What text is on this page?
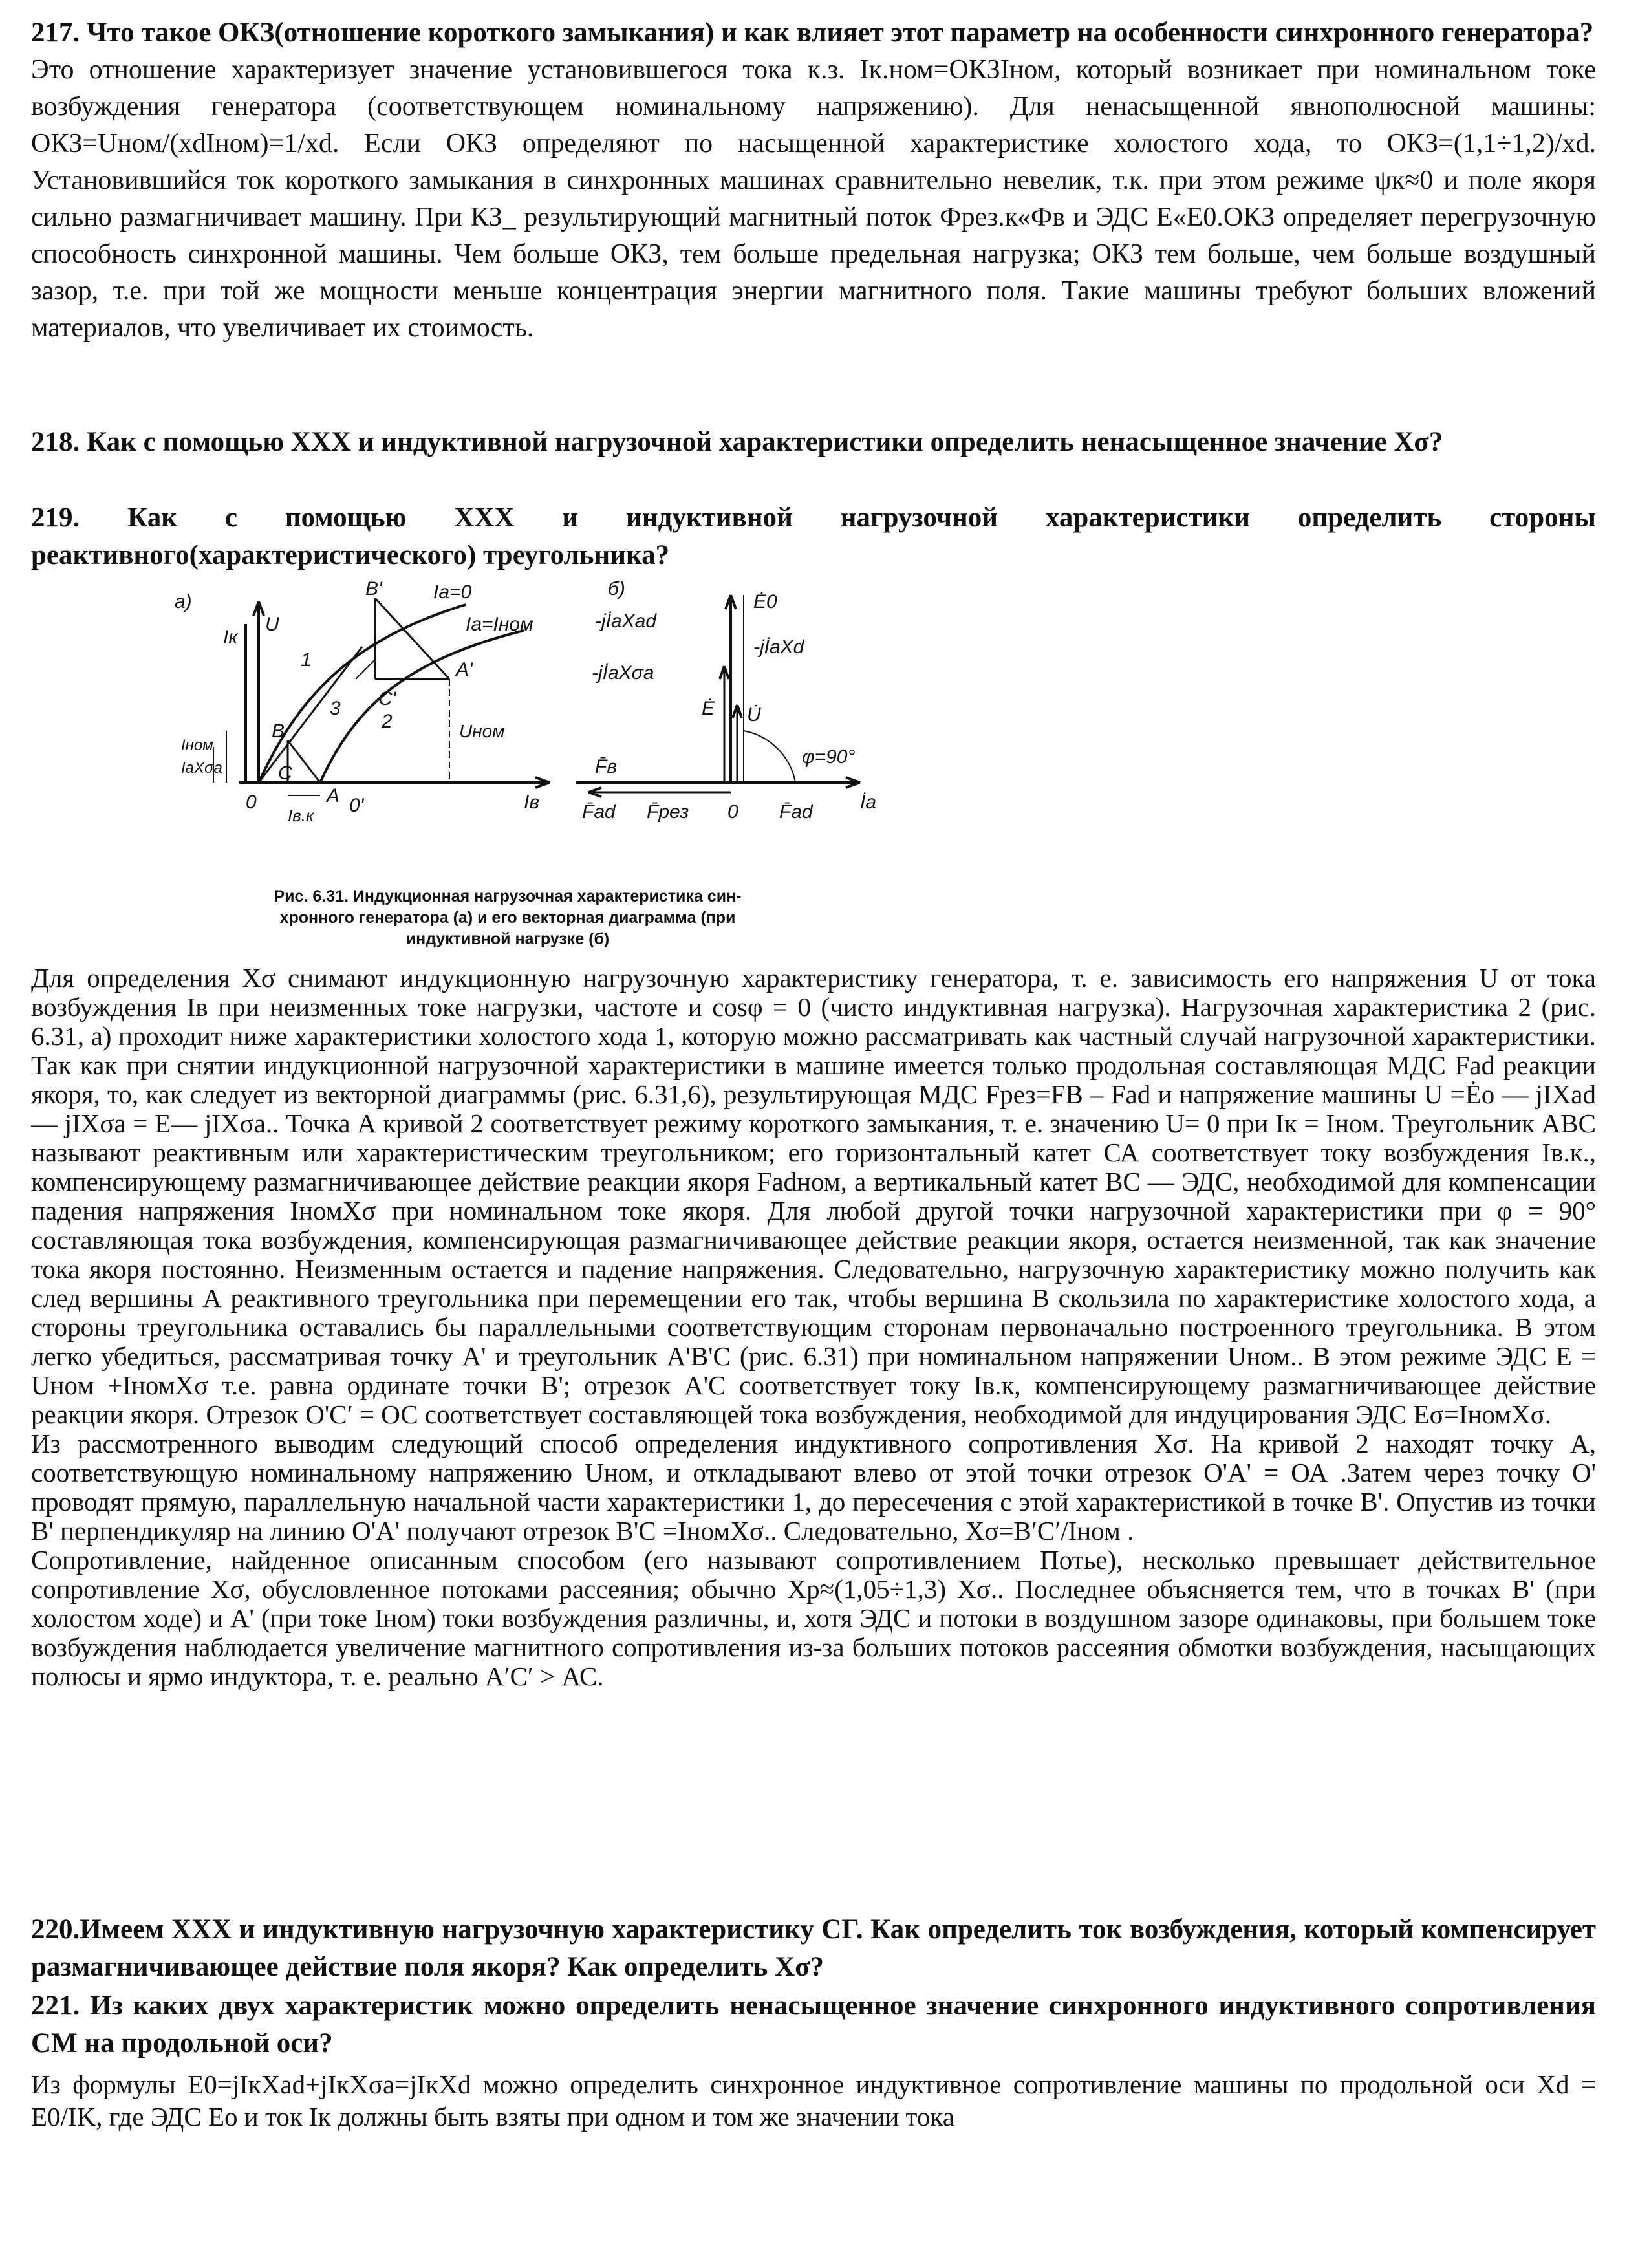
217. Что такое ОКЗ(отношение короткого замыкания) и как влияет этот параметр на особенности синхронного генератора?
Это отношение характеризует значение установившегося тока к.з. Iк.ном=ОКЗIном, который возникает при номинальном токе возбуждения генератора (соответствующем номинальному напряжению). Для ненасыщенной явнополюсной машины: ОКЗ=Uном/(xdIном)=1/xd. Если ОКЗ определяют по насыщенной характеристике холостого хода, то ОКЗ=(1,1÷1,2)/xd. Установившийся ток короткого замыкания в синхронных машинах сравнительно невелик, т.к. при этом режиме ψк≈0 и поле якоря сильно размагничивает машину. При КЗ_ результирующий магнитный поток Фрез.к«Фв и ЭДС Е«Е0.ОКЗ определяет перегрузочную способность синхронной машины. Чем больше ОКЗ, тем больше предельная нагрузка; ОКЗ тем больше, чем больше воздушный зазор, т.е. при той же мощности меньше концентрация энергии магнитного поля. Такие машины требуют больших вложений материалов, что увеличивает их стоимость.
218. Как с помощью ХХХ и индуктивной нагрузочной характеристики определить ненасыщенное значение Xσ?
219. Как с помощью ХХХ и индуктивной нагрузочной характеристики определить стороны реактивного(характеристического) треугольника?
а)
Iк
U
Ia=0
Ia=Iном
Iв
0	A
A'
B
B'
C
C'
0'
1
2
3
Iном
IaXσa
Iв.к
Uном
б)
Ė0
-jİaXad
-jİaXd
-jİaXσa
U̇
Ė
φ=90°
F̄в
F̄ad F̄рез 0 F̄ad İa
Рис. 6.31. Индукционная нагрузочная характеристика син-
хронного генератора (а) и его векторная диаграмма (при
индуктивной нагрузке (б)
Для определения Xσ снимают индукционную нагрузочную характеристику генератора, т. е. зависимость его напряжения U от тока возбуждения Iв при неизменных токе нагрузки, частоте и cosφ = 0 (чисто индуктивная нагрузка). Нагрузочная характеристика 2 (рис. 6.31, а) проходит ниже характеристики холостого хода 1, которую можно рассматривать как частный случай нагрузочной характеристики. Так как при снятии индукционной нагрузочной характеристики в машине имеется только продольная составляющая МДС Fad реакции якоря, то, как следует из векторной диаграммы (рис. 6.31,6), результирующая МДС Fрез=FB – Fad и напряжение машины U =Ėo — jIXad — jIXσa = E— jIXσa.. Точка А кривой 2 соответствует режиму короткого замыкания, т. е. значению U= 0 при Iк = Iном. Треугольник ABC называют реактивным или характеристическим треугольником; его горизонтальный катет СА соответствует току возбуждения Iв.к., компенсирующему размагничивающее действие реакции якоря Fadном, а вертикальный катет ВС — ЭДС, необходимой для компенсации падения напряжения IномXσ при номинальном токе якоря. Для любой другой точки нагрузочной характеристики при φ = 90° составляющая тока возбуждения, компенсирующая размагничивающее действие реакции якоря, остается неизменной, так как значение тока якоря постоянно. Неизменным остается и падение напряжения. Следовательно, нагрузочную характеристику можно получить как след вершины А реактивного треугольника при перемещении его так, чтобы вершина В скользила по характеристике холостого хода, а стороны треугольника оставались бы параллельными соответствующим сторонам первоначально построенного треугольника. В этом легко убедиться, рассматривая точку А' и треугольник А'В'С (рис. 6.31) при номинальном напряжении Uном.. В этом режиме ЭДС E = Uном +IномXσ т.е. равна ординате точки В'; отрезок А'С соответствует току Iв.к, компенсирующему размагничивающее действие реакции якоря. Отрезок О'С′ = ОС соответствует составляющей тока возбуждения, необходимой для индуцирования ЭДС Еσ=IномXσ.
Из рассмотренного выводим следующий способ определения индуктивного сопротивления Xσ. На кривой 2 находят точку А, соответствующую номинальному напряжению Uном, и откладывают влево от этой точки отрезок О'А' = ОА .Затем через точку О' проводят прямую, параллельную начальной части характеристики 1, до пересечения с этой характеристикой в точке В'. Опустив из точки В' перпендикуляр на линию О'А' получают отрезок В'С =IномXσ.. Следовательно, Xσ=В′С′/Iном .
Сопротивление, найденное описанным способом (его называют сопротивлением Потье), несколько превышает действительное сопротивление Xσ, обусловленное потоками рассеяния; обычно Xр≈(1,05÷1,3) Xσ.. Последнее объясняется тем, что в точках В' (при холостом ходе) и А' (при токе Iном) токи возбуждения различны, и, хотя ЭДС и потоки в воздушном зазоре одинаковы, при большем токе возбуждения наблюдается увеличение магнитного сопротивления из-за больших потоков рассеяния обмотки возбуждения, насыщающих полюсы и ярмо индуктора, т. е. реально А′С′ > АС.
220.Имеем ХХХ и индуктивную нагрузочную характеристику СГ. Как определить ток возбуждения, который компенсирует размагничивающее действие поля якоря? Как определить Xσ?
221. Из каких двух характеристик можно определить ненасыщенное значение синхронного индуктивного сопротивления СМ на продольной оси?
Из формулы E0=jIкXad+jIкXσa=jIкXd можно определить синхронное индуктивное сопротивление машины по продольной оси Xd = E0/IK, где ЭДС Eо и ток Iк должны быть взяты при одном и том же значении тока
